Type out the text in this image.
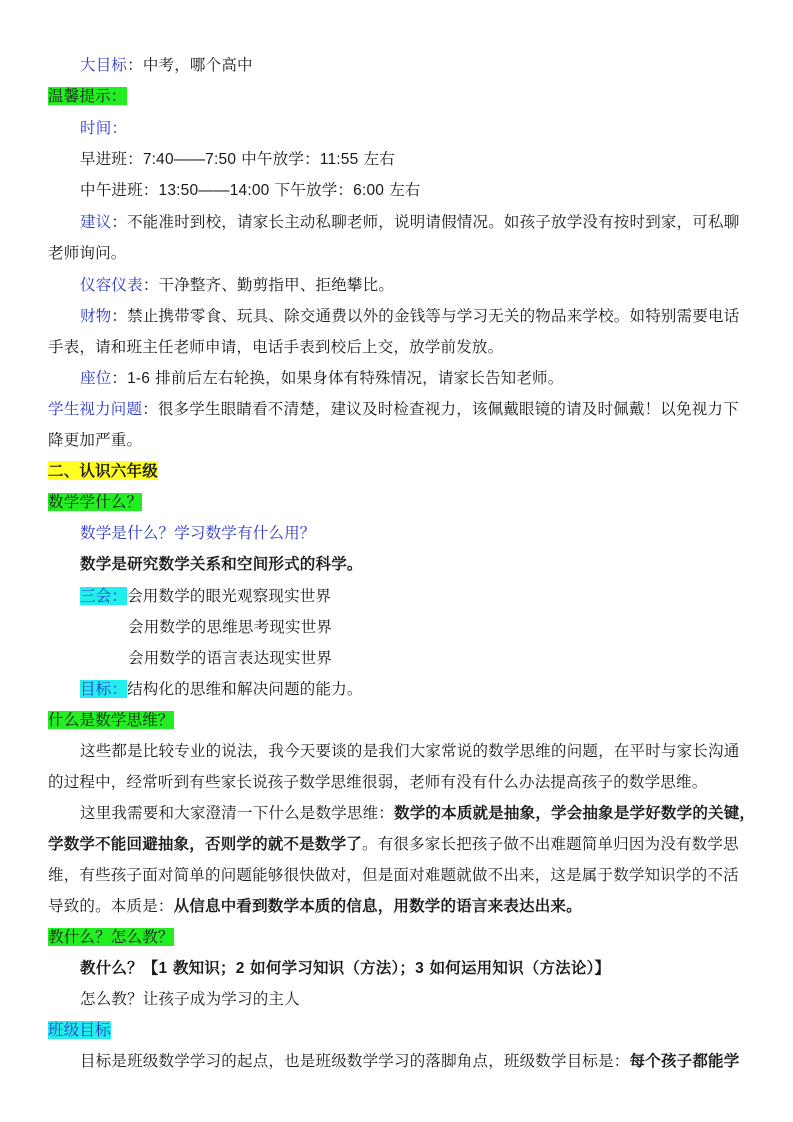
大目标：中考，哪个高中
温馨提示：
时间：
早进班：7:40——7:50 中午放学：11:55 左右
中午进班：13:50——14:00 下午放学：6:00 左右
建议：不能准时到校，请家长主动私聊老师，说明请假情况。如孩子放学没有按时到家，可私聊
老师询问。
仪容仪表：干净整齐、勤剪指甲、拒绝攀比。
财物：禁止携带零食、玩具、除交通费以外的金钱等与学习无关的物品来学校。如特别需要电话
手表，请和班主任老师申请，电话手表到校后上交，放学前发放。
座位：1-6 排前后左右轮换，如果身体有特殊情况，请家长告知老师。
学生视力问题：很多学生眼睛看不清楚，建议及时检查视力，该佩戴眼镜的请及时佩戴！以免视力下
降更加严重。
二、认识六年级
数学学什么？
数学是什么？学习数学有什么用？
数学是研究数学关系和空间形式的科学。
三会：会用数学的眼光观察现实世界
会用数学的思维思考现实世界
会用数学的语言表达现实世界
目标：结构化的思维和解决问题的能力。
什么是数学思维？
这些都是比较专业的说法，我今天要谈的是我们大家常说的数学思维的问题，在平时与家长沟通
的过程中，经常听到有些家长说孩子数学思维很弱，老师有没有什么办法提高孩子的数学思维。
这里我需要和大家澄清一下什么是数学思维：数学的本质就是抽象，学会抽象是学好数学的关键，
学数学不能回避抽象，否则学的就不是数学了。有很多家长把孩子做不出难题简单归因为没有数学思
维，有些孩子面对简单的问题能够很快做对，但是面对难题就做不出来，这是属于数学知识学的不活
导致的。本质是：从信息中看到数学本质的信息，用数学的语言来表达出来。
教什么？怎么教？
教什么？【1 教知识；2 如何学习知识（方法）；3 如何运用知识（方法论）】
怎么教？让孩子成为学习的主人
班级目标
目标是班级数学学习的起点，也是班级数学学习的落脚角点，班级数学目标是：每个孩子都能学
